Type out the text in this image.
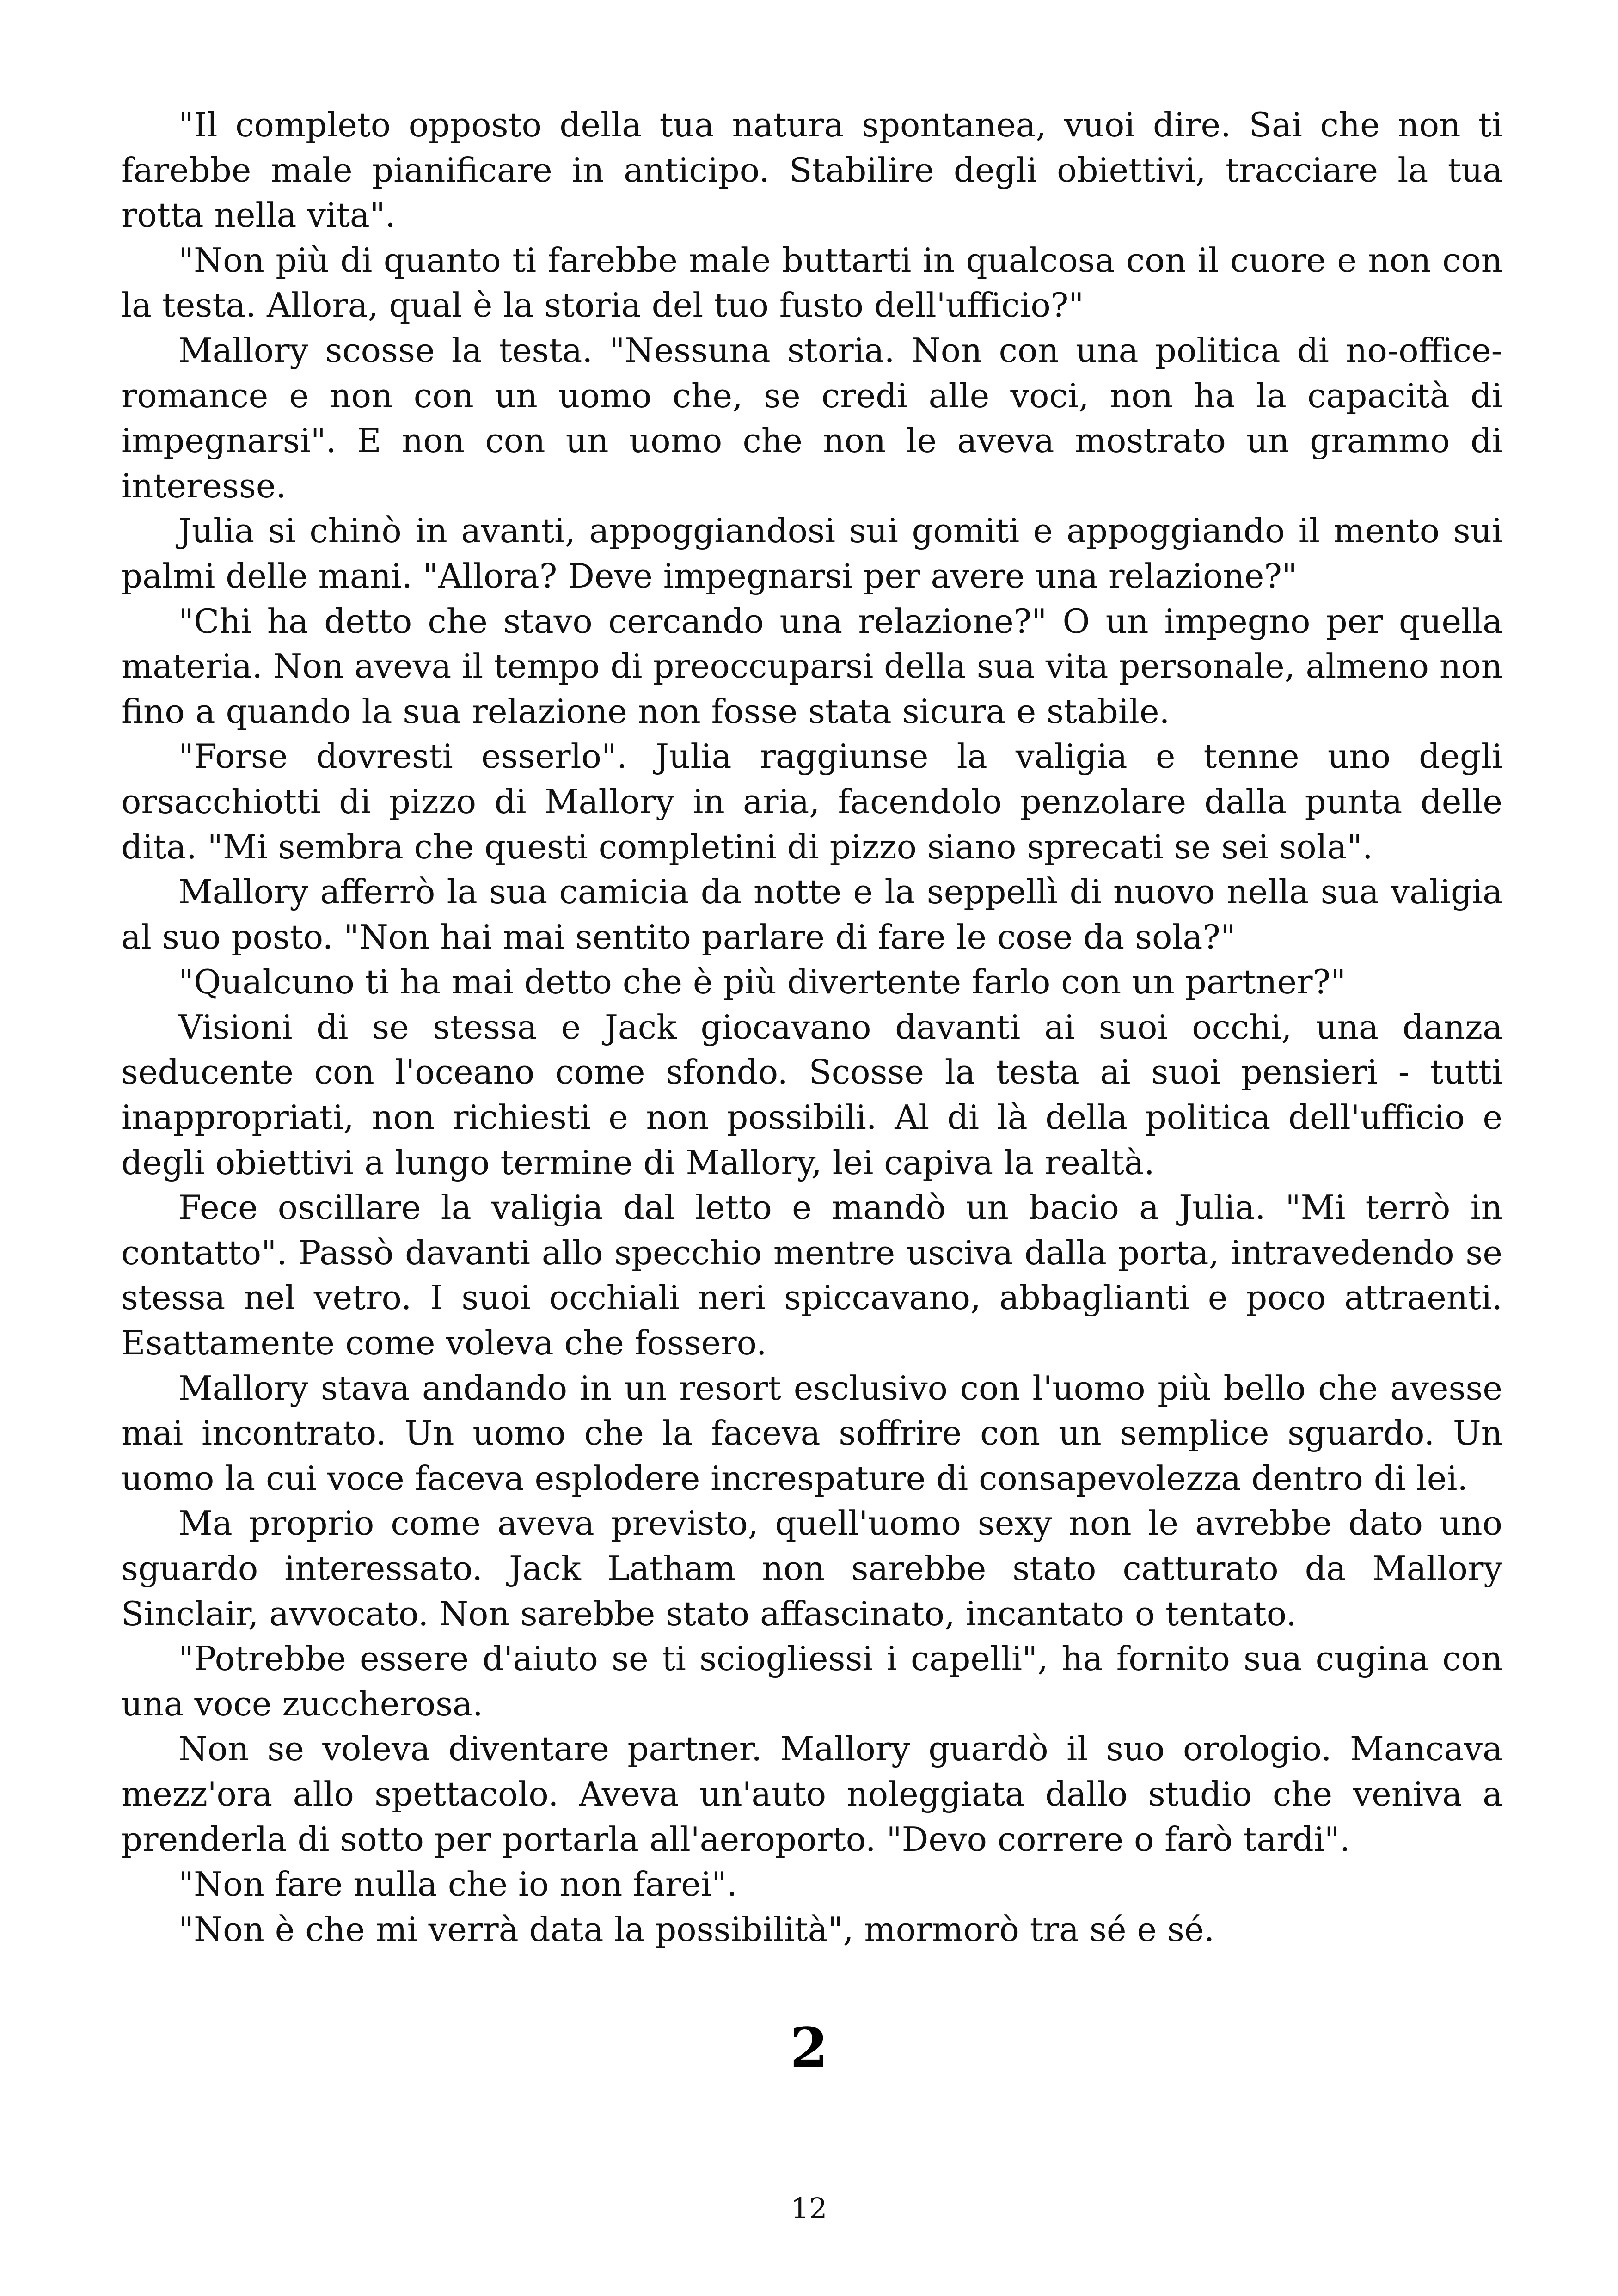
"Il completo opposto della tua natura spontanea, vuoi dire. Sai che non ti farebbe male pianificare in anticipo. Stabilire degli obiettivi, tracciare la tua rotta nella vita".

"Non più di quanto ti farebbe male buttarti in qualcosa con il cuore e non con la testa. Allora, qual è la storia del tuo fusto dell'ufficio?"

Mallory scosse la testa. "Nessuna storia. Non con una politica di no-office-romance e non con un uomo che, se credi alle voci, non ha la capacità di impegnarsi". E non con un uomo che non le aveva mostrato un grammo di interesse.

Julia si chinò in avanti, appoggiandosi sui gomiti e appoggiando il mento sui palmi delle mani. "Allora? Deve impegnarsi per avere una relazione?"

"Chi ha detto che stavo cercando una relazione?" O un impegno per quella materia. Non aveva il tempo di preoccuparsi della sua vita personale, almeno non fino a quando la sua relazione non fosse stata sicura e stabile.

"Forse dovresti esserlo". Julia raggiunse la valigia e tenne uno degli orsacchiotti di pizzo di Mallory in aria, facendolo penzolare dalla punta delle dita. "Mi sembra che questi completini di pizzo siano sprecati se sei sola".

Mallory afferrò la sua camicia da notte e la seppellì di nuovo nella sua valigia al suo posto. "Non hai mai sentito parlare di fare le cose da sola?"

"Qualcuno ti ha mai detto che è più divertente farlo con un partner?"

Visioni di se stessa e Jack giocavano davanti ai suoi occhi, una danza seducente con l'oceano come sfondo. Scosse la testa ai suoi pensieri - tutti inappropriati, non richiesti e non possibili. Al di là della politica dell'ufficio e degli obiettivi a lungo termine di Mallory, lei capiva la realtà.

Fece oscillare la valigia dal letto e mandò un bacio a Julia. "Mi terrò in contatto". Passò davanti allo specchio mentre usciva dalla porta, intravedendo se stessa nel vetro. I suoi occhiali neri spiccavano, abbaglianti e poco attraenti. Esattamente come voleva che fossero.

Mallory stava andando in un resort esclusivo con l'uomo più bello che avesse mai incontrato. Un uomo che la faceva soffrire con un semplice sguardo. Un uomo la cui voce faceva esplodere increspature di consapevolezza dentro di lei.

Ma proprio come aveva previsto, quell'uomo sexy non le avrebbe dato uno sguardo interessato. Jack Latham non sarebbe stato catturato da Mallory Sinclair, avvocato. Non sarebbe stato affascinato, incantato o tentato.

"Potrebbe essere d'aiuto se ti sciogliessi i capelli", ha fornito sua cugina con una voce zuccherosa.

Non se voleva diventare partner. Mallory guardò il suo orologio. Mancava mezz'ora allo spettacolo. Aveva un'auto noleggiata dallo studio che veniva a prenderla di sotto per portarla all'aeroporto. "Devo correre o farò tardi".

"Non fare nulla che io non farei".

"Non è che mi verrà data la possibilità", mormorò tra sé e sé.

2
12
